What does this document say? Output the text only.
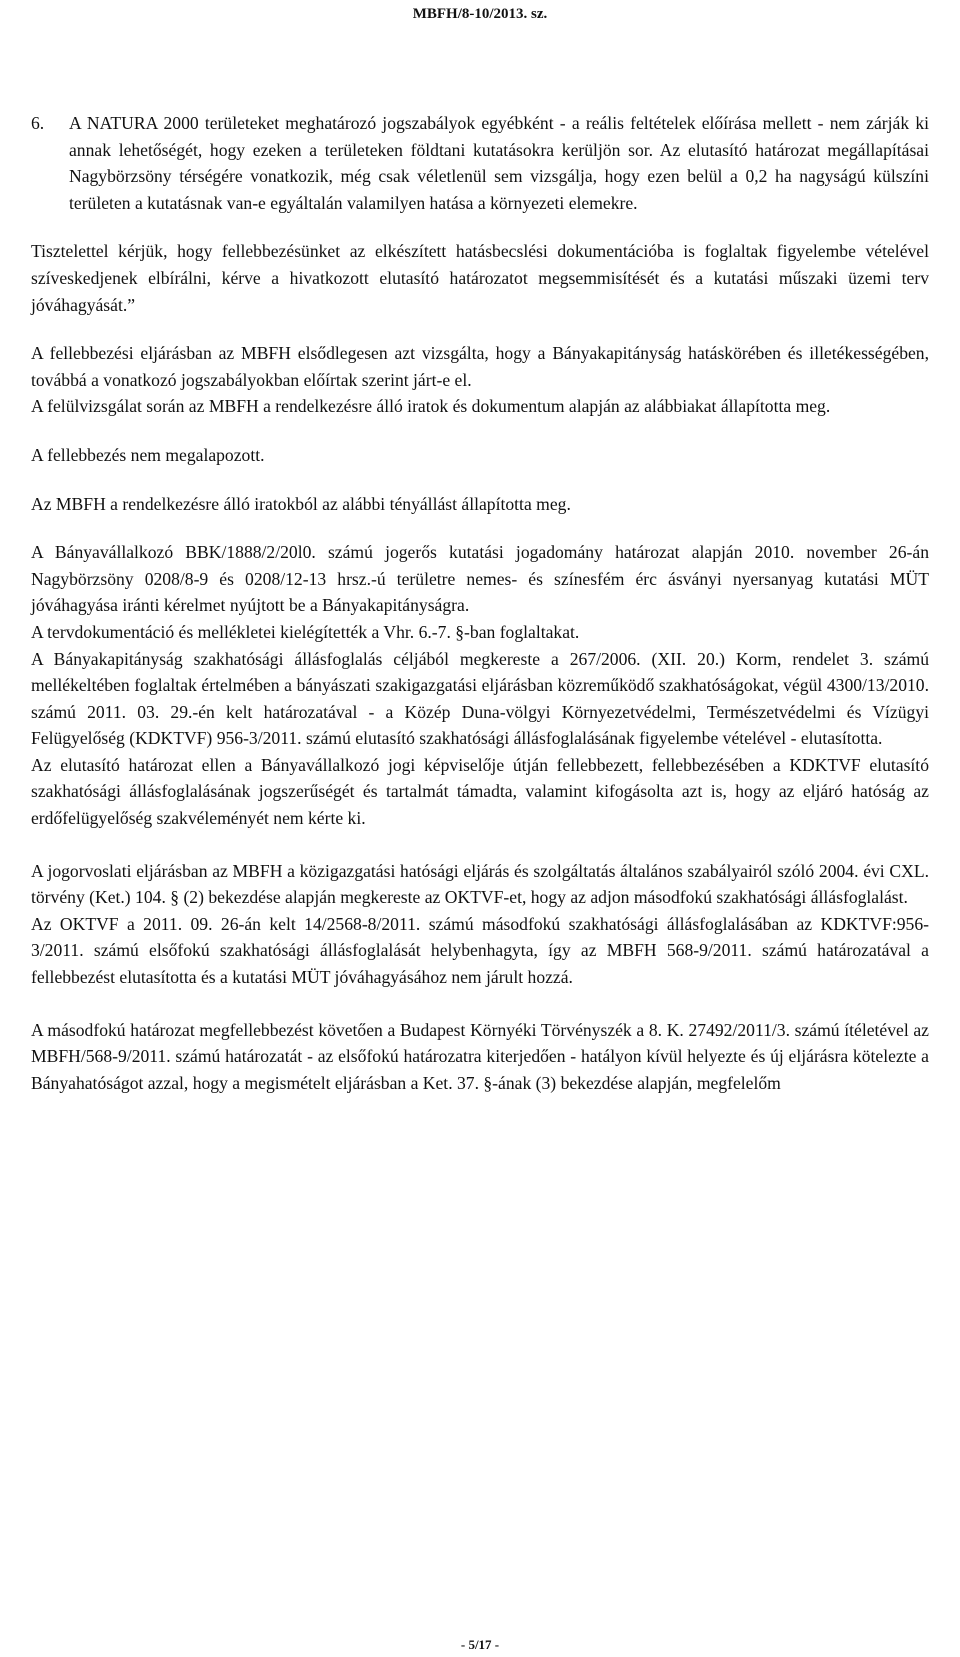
MBFH/8-10/2013. sz.

6. A NATURA 2000 területeket meghatározó jogszabályok egyébként - a reális feltételek előírása mellett - nem zárják ki annak lehetőségét, hogy ezeken a területeken földtani kutatásokra kerüljön sor. Az elutasító határozat megállapításai Nagybörzsöny térségére vonatkozik, még csak véletlenül sem vizsgálja, hogy ezen belül a 0,2 ha nagyságú külszíni területen a kutatásnak van-e egyáltalán valamilyen hatása a környezeti elemekre.

Tisztelettel kérjük, hogy fellebbezésünket az elkészített hatásbecslési dokumentációba is foglaltak figyelembe vételével szíveskedjenek elbírálni, kérve a hivatkozott elutasító határozatot megsemmisítését és a kutatási műszaki üzemi terv jóváhagyását.”

A fellebbezési eljárásban az MBFH elsődlegesen azt vizsgálta, hogy a Bányakapitányság hatáskörében és illetékességében, továbbá a vonatkozó jogszabályokban előírtak szerint járt-e el.

A felülvizsgálat során az MBFH a rendelkezésre álló iratok és dokumentum alapján az alábbiakat állapította meg.

A fellebbezés nem megalapozott.

Az MBFH a rendelkezésre álló iratokból az alábbi tényállást állapította meg.

A Bányavállalkozó BBK/1888/2/20l0. számú jogerős kutatási jogadomány határozat alapján 2010. november 26-án Nagybörzsöny 0208/8-9 és 0208/12-13 hrsz.-ú területre nemes- és színesfém érc ásványi nyersanyag kutatási MÜT jóváhagyása iránti kérelmet nyújtott be a Bányakapitányságra.

A tervdokumentáció és mellékletei kielégítették a Vhr. 6.-7. §-ban foglaltakat.

A Bányakapitányság szakhatósági állásfoglalás céljából megkereste a 267/2006. (XII. 20.) Korm, rendelet 3. számú mellékeltében foglaltak értelmében a bányászati szakigazgatási eljárásban közreműködő szakhatóságokat, végül 4300/13/2010. számú 2011. 03. 29.-én kelt határozatával - a Közép Duna-völgyi Környezetvédelmi, Természetvédelmi és Vízügyi Felügyelőség (KDKTVF) 956-3/2011. számú elutasító szakhatósági állásfoglalásának figyelembe vételével - elutasította.

Az elutasító határozat ellen a Bányavállalkozó jogi képviselője útján fellebbezett, fellebbezésében a KDKTVF elutasító szakhatósági állásfoglalásának jogszerűségét és tartalmát támadta, valamint kifogásolta azt is, hogy az eljáró hatóság az erdőfelügyelőség szakvéleményét nem kérte ki.

A jogorvoslati eljárásban az MBFH a közigazgatási hatósági eljárás és szolgáltatás általános szabályairól szóló 2004. évi CXL. törvény (Ket.) 104. § (2) bekezdése alapján megkereste az OKTVF-et, hogy az adjon másodfokú szakhatósági állásfoglalást.

Az OKTVF a 2011. 09. 26-án kelt 14/2568-8/2011. számú másodfokú szakhatósági állásfoglalásában az KDKTVF:956-3/2011. számú elsőfokú szakhatósági állásfoglalását helybenhagyta, így az MBFH 568-9/2011. számú határozatával a fellebbezést elutasította és a kutatási MÜT jóváhagyásához nem járult hozzá.

A másodfokú határozat megfellebbezést követően a Budapest Környéki Törvényszék a 8. K. 27492/2011/3. számú ítéletével az MBFH/568-9/2011. számú határozatát - az elsőfokú határozatra kiterjedően - hatályon kívül helyezte és új eljárásra kötelezte a Bányahatóságot azzal, hogy a megismételt eljárásban a Ket. 37. §-ának (3) bekezdése alapján, megfelelőm

- 5/17 -
